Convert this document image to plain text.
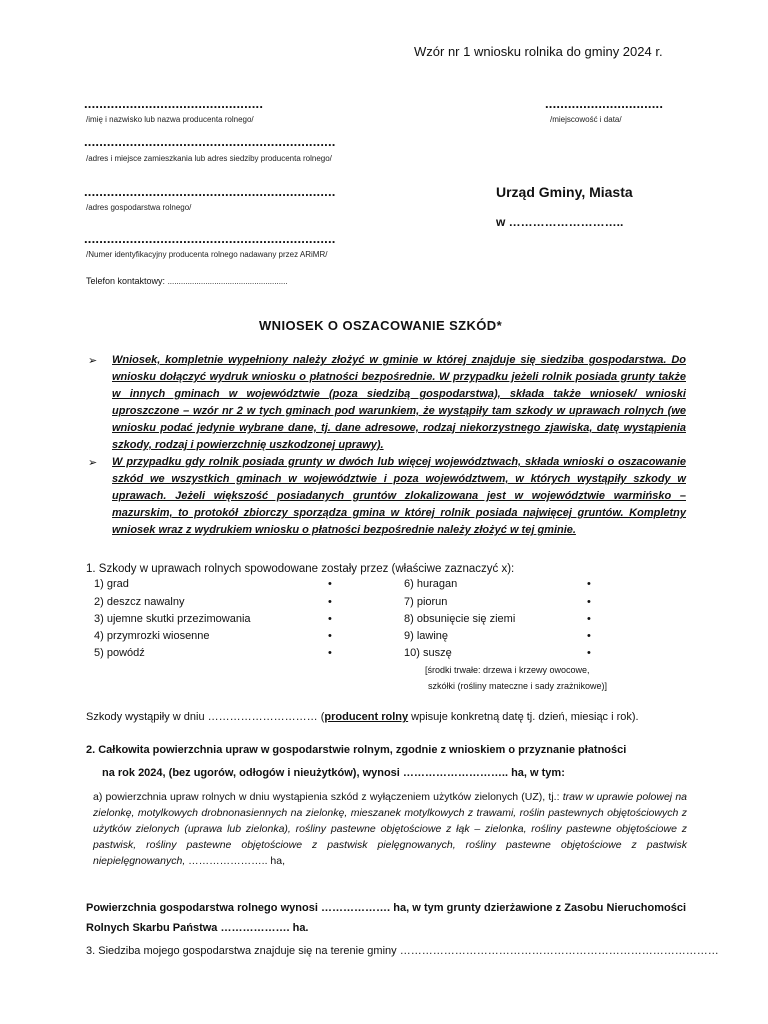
Wzór nr 1 wniosku rolnika do gminy 2024 r.
...............................................
/imię i nazwisko lub nazwa producenta rolnego/
...............................
/miejscowość i data/
..................................................................
/adres i miejsce zamieszkania lub adres siedziby producenta rolnego/
..................................................................
/adres gospodarstwa rolnego/
..................................................................
/Numer identyfikacyjny producenta rolnego nadawany przez ARiMR/
Telefon kontaktowy: ......................................................
Urząd Gminy, Miasta
w ………………………..
WNIOSEK O OSZACOWANIE SZKÓD*
➢ Wniosek, kompletnie wypełniony należy złożyć w gminie w której znajduje się siedziba gospodarstwa. Do wniosku dołączyć wydruk wniosku o płatności bezpośrednie. W przypadku jeżeli rolnik posiada grunty także w innych gminach w województwie (poza siedzibą gospodarstwa), składa także wniosek/ wnioski uproszczone – wzór nr 2 w tych gminach pod warunkiem, że wystąpiły tam szkody w uprawach rolnych (we wniosku podać jedynie wybrane dane, tj. dane adresowe, rodzaj niekorzystnego zjawiska, datę wystąpienia szkody, rodzaj i powierzchnię uszkodzonej uprawy).
➢ W przypadku gdy rolnik posiada grunty w dwóch lub więcej województwach, składa wnioski o oszacowanie szkód we wszystkich gminach w województwie i poza województwem, w których wystąpiły szkody w uprawach. Jeżeli większość posiadanych gruntów zlokalizowana jest w województwie warmińsko – mazurskim, to protokół zbiorczy sporządza gmina w której rolnik posiada najwięcej gruntów. Kompletny wniosek wraz z wydrukiem wniosku o płatności bezpośrednie należy złożyć w tej gminie.
1. Szkody w uprawach rolnych spowodowane zostały przez (właściwe zaznaczyć x):
1) grad
2) deszcz nawalny
3) ujemne skutki przezimowania
4) przymrozki wiosenne
5) powódź
•
•
•
•
•
6) huragan
7) piorun
8) obsunięcie się ziemi
9) lawinę
10) suszę
•
•
•
•
•
[środki trwałe: drzewa i krzewy owocowe,
szkółki (rośliny mateczne i sady zrażnikowe)]
Szkody wystąpiły w dniu ………………………… (producent rolny wpisuje konkretną datę tj. dzień, miesiąc i rok).
2. Całkowita powierzchnia upraw w gospodarstwie rolnym, zgodnie z wnioskiem o przyznanie płatności
na rok 2024, (bez ugorów, odłogów i nieużytków), wynosi ……………………….. ha, w tym:
a) powierzchnia upraw rolnych w dniu wystąpienia szkód z wyłączeniem użytków zielonych (UZ), tj.: traw w uprawie polowej na zielonkę, motylkowych drobnonasiennych na zielonkę, mieszanek motylkowych z trawami, roślin pastewnych objętościowych z użytków zielonych (uprawa lub zielonka), rośliny pastewne objętościowe z łąk – zielonka, rośliny pastewne objętościowe z pastwisk, rośliny pastewne objętościowe z pastwisk pielęgnowanych, rośliny pastewne objętościowe z pastwisk niepielęgnowanych, ………………….. ha,
Powierzchnia gospodarstwa rolnego wynosi ………………. ha, w tym grunty dzierżawione z Zasobu Nieruchomości Rolnych Skarbu Państwa ………………. ha.
3. Siedziba mojego gospodarstwa znajduje się na terenie gminy ……………………………………………………………………………
